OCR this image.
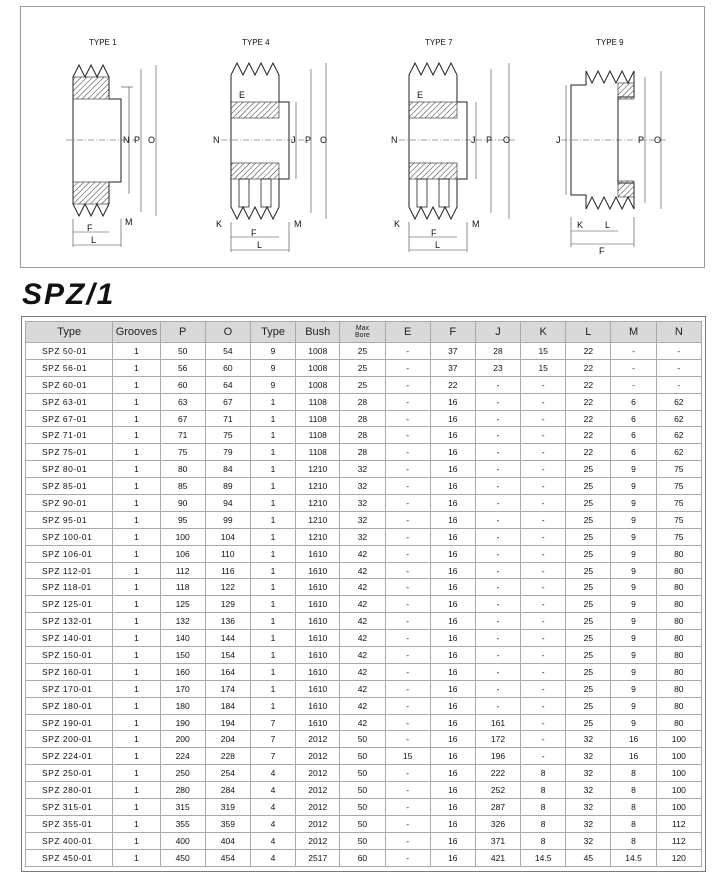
TYPE 1
N P O
F
L
M
TYPE 4
N	J P O
E
K
F
L
M
TYPE 7
N	J P O
E
K
F
L
M
TYPE 9
J	P O
K L
F
SPZ/1
Type	Grooves	P	O	Type	Bush	Max Bore	E	F	J	K	L	M	N
SPZ 50-01	1	50	54	9	1008	25	-	37	28	15	22	-	-
SPZ 56-01	1	56	60	9	1008	25	-	37	23	15	22	-	-
SPZ 60-01	1	60	64	9	1008	25	-	22	-	-	22	-	-
SPZ 63-01	1	63	67	1	1108	28	-	16	-	-	22	6	62
SPZ 67-01	1	67	71	1	1108	28	-	16	-	-	22	6	62
SPZ 71-01	1	71	75	1	1108	28	-	16	-	-	22	6	62
SPZ 75-01	1	75	79	1	1108	28	-	16	-	-	22	6	62
SPZ 80-01	1	80	84	1	1210	32	-	16	-	-	25	9	75
SPZ 85-01	1	85	89	1	1210	32	-	16	-	-	25	9	75
SPZ 90-01	1	90	94	1	1210	32	-	16	-	-	25	9	75
SPZ 95-01	1	95	99	1	1210	32	-	16	-	-	25	9	75
SPZ 100-01	1	100	104	1	1210	32	-	16	-	-	25	9	75
SPZ 106-01	1	106	110	1	1610	42	-	16	-	-	25	9	80
SPZ 112-01	1	112	116	1	1610	42	-	16	-	-	25	9	80
SPZ 118-01	1	118	122	1	1610	42	-	16	-	-	25	9	80
SPZ 125-01	1	125	129	1	1610	42	-	16	-	-	25	9	80
SPZ 132-01	1	132	136	1	1610	42	-	16	-	-	25	9	80
SPZ 140-01	1	140	144	1	1610	42	-	16	-	-	25	9	80
SPZ 150-01	1	150	154	1	1610	42	-	16	-	-	25	9	80
SPZ 160-01	1	160	164	1	1610	42	-	16	-	-	25	9	80
SPZ 170-01	1	170	174	1	1610	42	-	16	-	-	25	9	80
SPZ 180-01	1	180	184	1	1610	42	-	16	-	-	25	9	80
SPZ 190-01	1	190	194	7	1610	42	-	16	161	-	25	9	80
SPZ 200-01	1	200	204	7	2012	50	-	16	172	-	32	16	100
SPZ 224-01	1	224	228	7	2012	50	15	16	196	-	32	16	100
SPZ 250-01	1	250	254	4	2012	50	-	16	222	8	32	8	100
SPZ 280-01	1	280	284	4	2012	50	-	16	252	8	32	8	100
SPZ 315-01	1	315	319	4	2012	50	-	16	287	8	32	8	100
SPZ 355-01	1	355	359	4	2012	50	-	16	326	8	32	8	112
SPZ 400-01	1	400	404	4	2012	50	-	16	371	8	32	8	112
SPZ 450-01	1	450	454	4	2517	60	-	16	421	14.5	45	14.5	120
